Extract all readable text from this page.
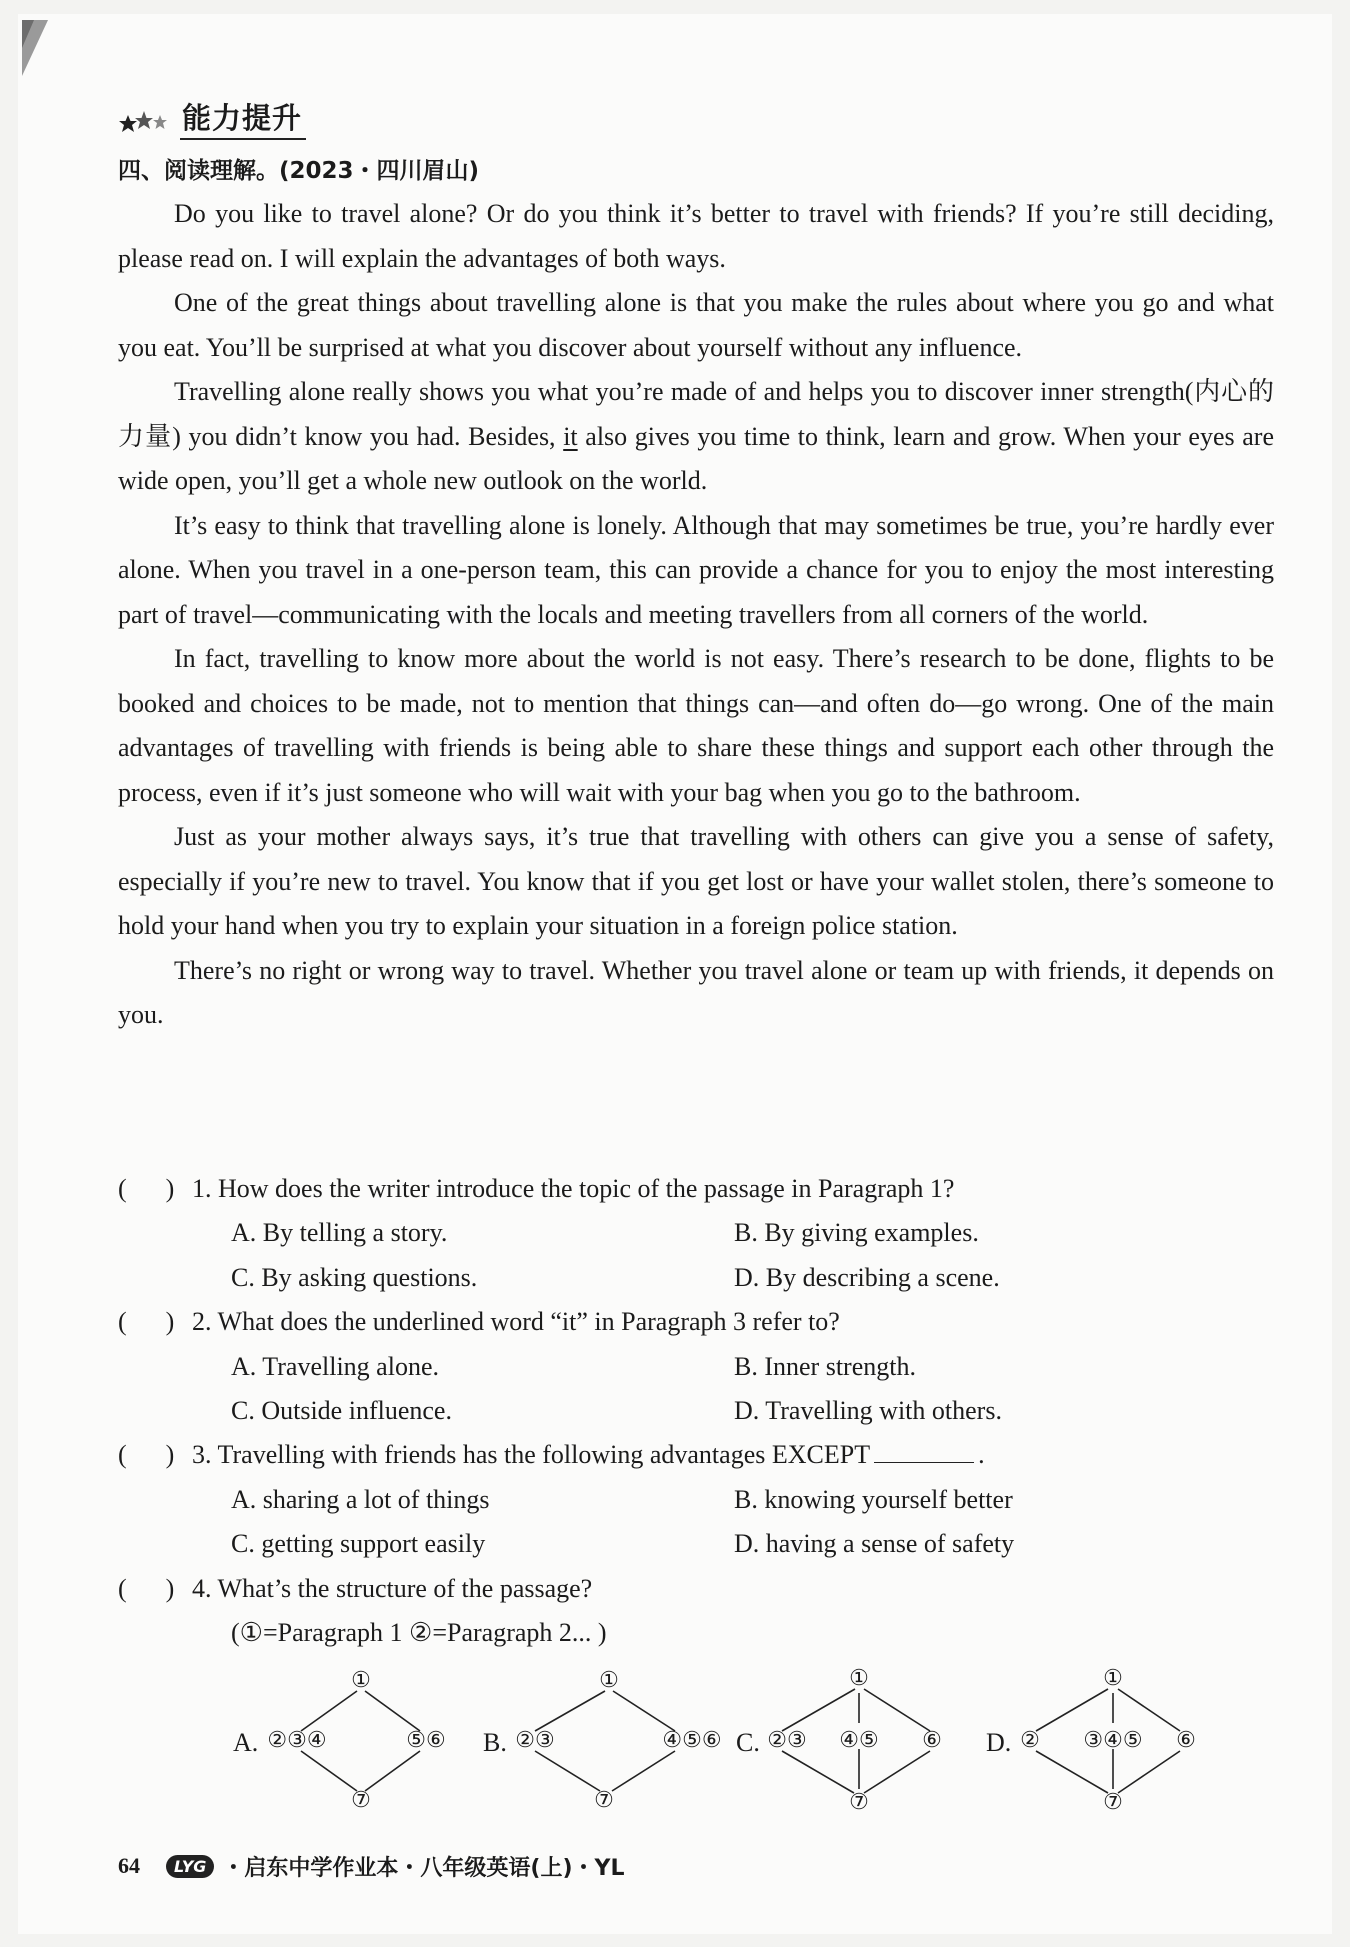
能力提升
四、阅读理解。(2023・四川眉山)

Do you like to travel alone? Or do you think it’s better to travel with friends? If you’re still deciding, please read on. I will explain the advantages of both ways.

One of the great things about travelling alone is that you make the rules about where you go and what you eat. You’ll be surprised at what you discover about yourself without any influence.

Travelling alone really shows you what you’re made of and helps you to discover inner strength(内心的力量) you didn’t know you had. Besides, it also gives you time to think, learn and grow. When your eyes are wide open, you’ll get a whole new outlook on the world.

It’s easy to think that travelling alone is lonely. Although that may sometimes be true, you’re hardly ever alone. When you travel in a one-person team, this can provide a chance for you to enjoy the most interesting part of travel—communicating with the locals and meeting travellers from all corners of the world.

In fact, travelling to know more about the world is not easy. There’s research to be done, flights to be booked and choices to be made, not to mention that things can—and often do—go wrong. One of the main advantages of travelling with friends is being able to share these things and support each other through the process, even if it’s just someone who will wait with your bag when you go to the bathroom.

Just as your mother always says, it’s true that travelling with others can give you a sense of safety, especially if you’re new to travel. You know that if you get lost or have your wallet stolen, there’s someone to hold your hand when you try to explain your situation in a foreign police station.

There’s no right or wrong way to travel. Whether you travel alone or team up with friends, it depends on you.

(      ) 1. How does the writer introduce the topic of the passage in Paragraph 1?
A. By telling a story.	B. By giving examples.
C. By asking questions.	D. By describing a scene.
(      ) 2. What does the underlined word “it” in Paragraph 3 refer to?
A. Travelling alone.	B. Inner strength.
C. Outside influence.	D. Travelling with others.
(      ) 3. Travelling with friends has the following advantages EXCEPT	.
A. sharing a lot of things	B. knowing yourself better
C. getting support easily	D. having a sense of safety
(      ) 4. What’s the structure of the passage?
(①=Paragraph 1 ②=Paragraph 2... )
A.
①
②③④	⑤⑥
⑦
B.
①
②③	④⑤⑥
⑦
C.
①
②③ ④⑤ ⑥
⑦
D.
①
② ③④⑤ ⑥
⑦
64	LYG ・启东中学作业本・八年级英语(上)・YL
